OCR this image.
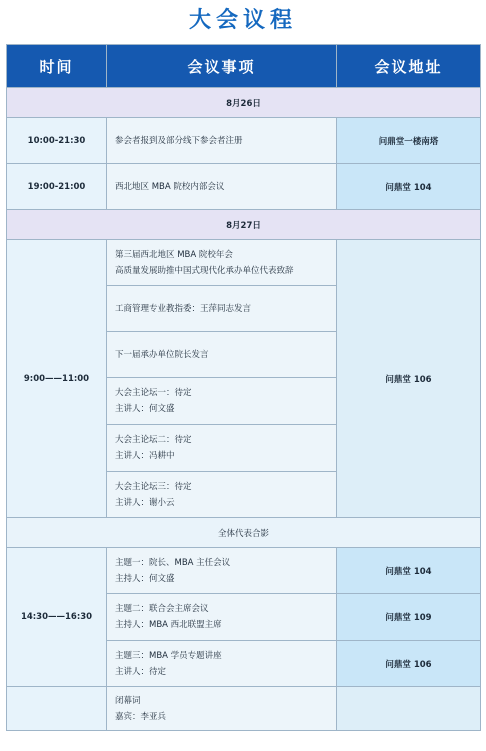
大会议程
时间	会议事项	会议地址
8月26日		
10:00-21:30	参会者报到及部分线下参会者注册	问鼎堂一楼南塔
19:00-21:00	西北地区 MBA 院校内部会议	问鼎堂 104
8月27日		
9:00——11:00	第三届西北地区 MBA 院校年会
高质量发展助推中国式现代化承办单位代表致辞	问鼎堂 106

	工商管理专业教指委：王萍同志发言	

	下一届承办单位院长发言	

	大会主论坛一：待定
主讲人：何文盛	

	大会主论坛二：待定
主讲人：冯耕中	

	大会主论坛三：待定
主讲人：谢小云	

全体代表合影		
14:30——16:30	主题一：院长、MBA 主任会议
主持人：何文盛	问鼎堂 104

	主题二：联合会主席会议
主持人：MBA 西北联盟主席	问鼎堂 109

	主题三：MBA 学员专题讲座
主讲人：待定	问鼎堂 106

	闭幕词
嘉宾：李亚兵	
